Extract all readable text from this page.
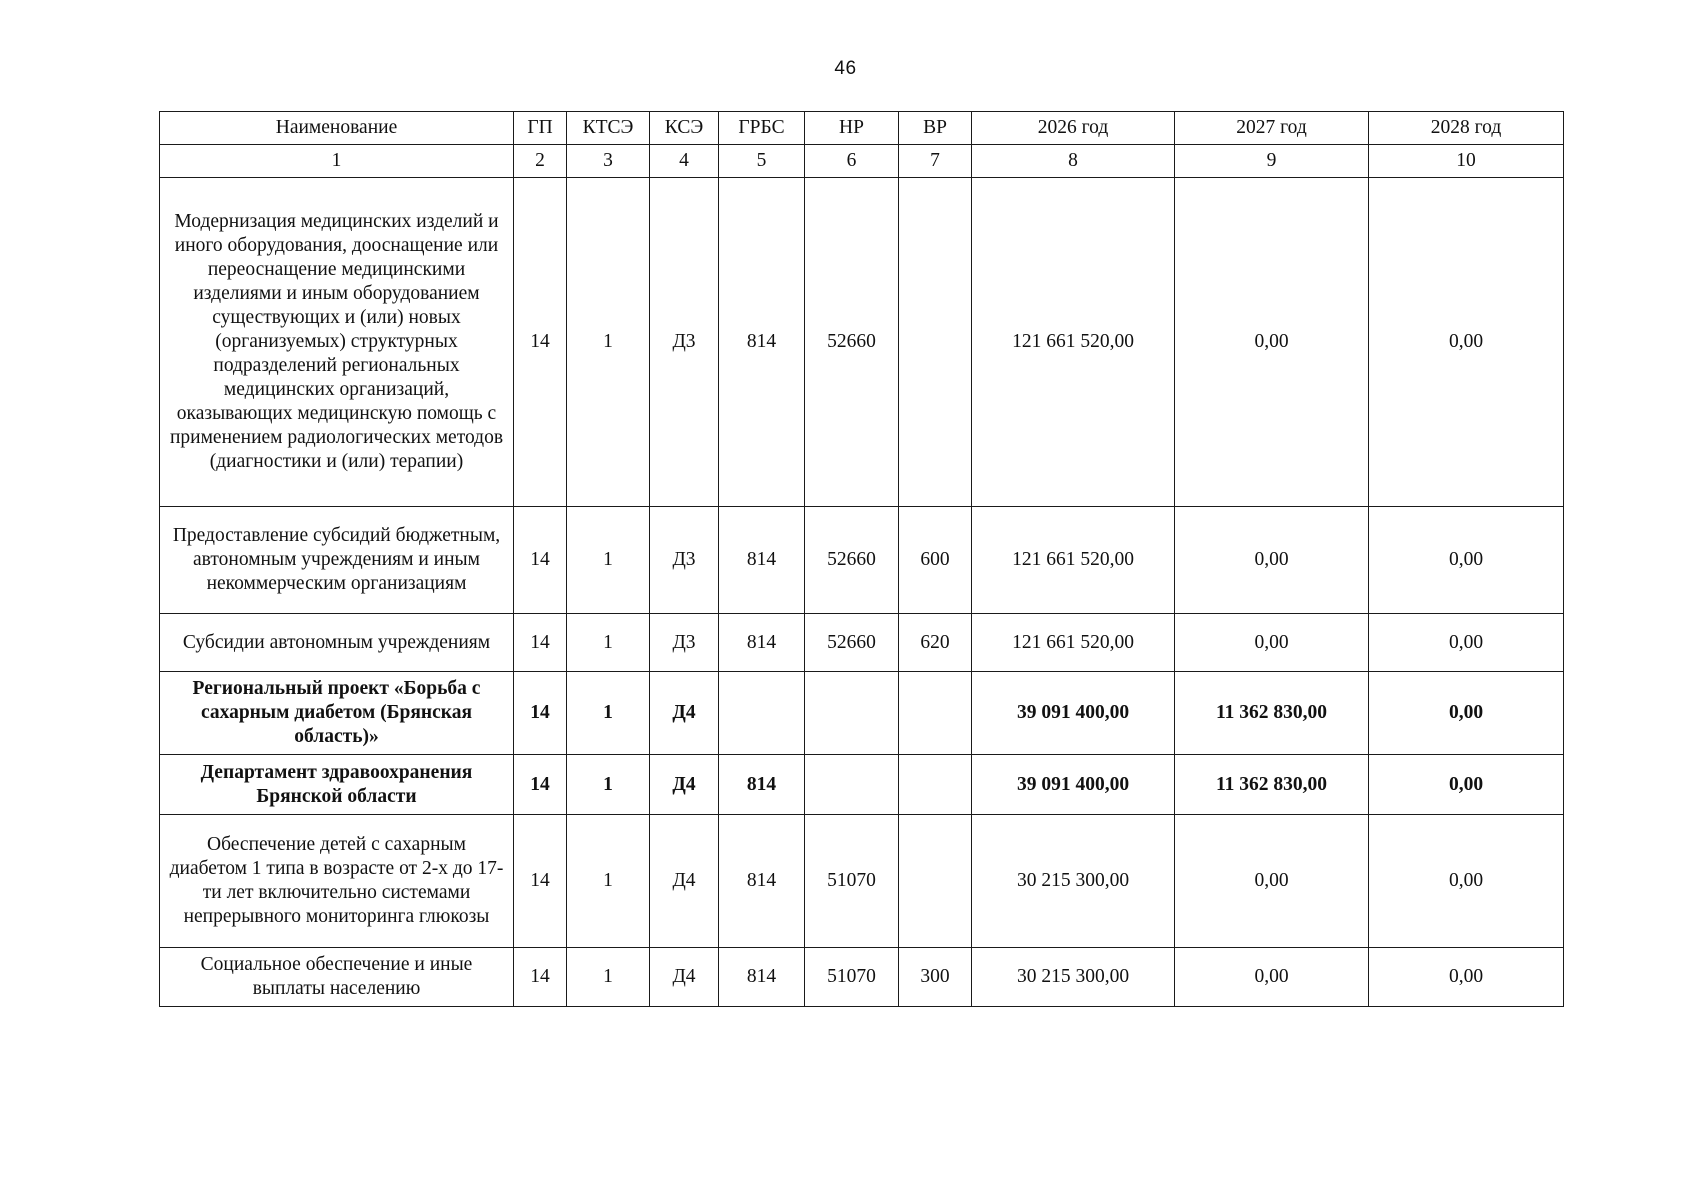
46
Наименование	ГП	КТСЭ	КСЭ	ГРБС	НР	ВР	2026 год	2027 год	2028 год
1	2	3	4	5	6	7	8	9	10
Модернизация медицинских изделий и иного оборудования, дооснащение или переоснащение медицинскими изделиями и иным оборудованием существующих и (или) новых (организуемых) структурных подразделений региональных медицинских организаций, оказывающих медицинскую помощь с применением радиологических методов (диагностики и (или) терапии)	14	1	Д3	814	52660		121 661 520,00	0,00	0,00
Предоставление субсидий бюджетным, автономным учреждениям и иным некоммерческим организациям	14	1	Д3	814	52660	600	121 661 520,00	0,00	0,00
Субсидии автономным учреждениям	14	1	Д3	814	52660	620	121 661 520,00	0,00	0,00
Региональный проект «Борьба с сахарным диабетом (Брянская область)»	14	1	Д4				39 091 400,00	11 362 830,00	0,00
Департамент здравоохранения Брянской области	14	1	Д4	814			39 091 400,00	11 362 830,00	0,00
Обеспечение детей с сахарным диабетом 1 типа в возрасте от 2-х до 17-ти лет включительно системами непрерывного мониторинга глюкозы	14	1	Д4	814	51070		30 215 300,00	0,00	0,00
Социальное обеспечение и иные выплаты населению	14	1	Д4	814	51070	300	30 215 300,00	0,00	0,00
